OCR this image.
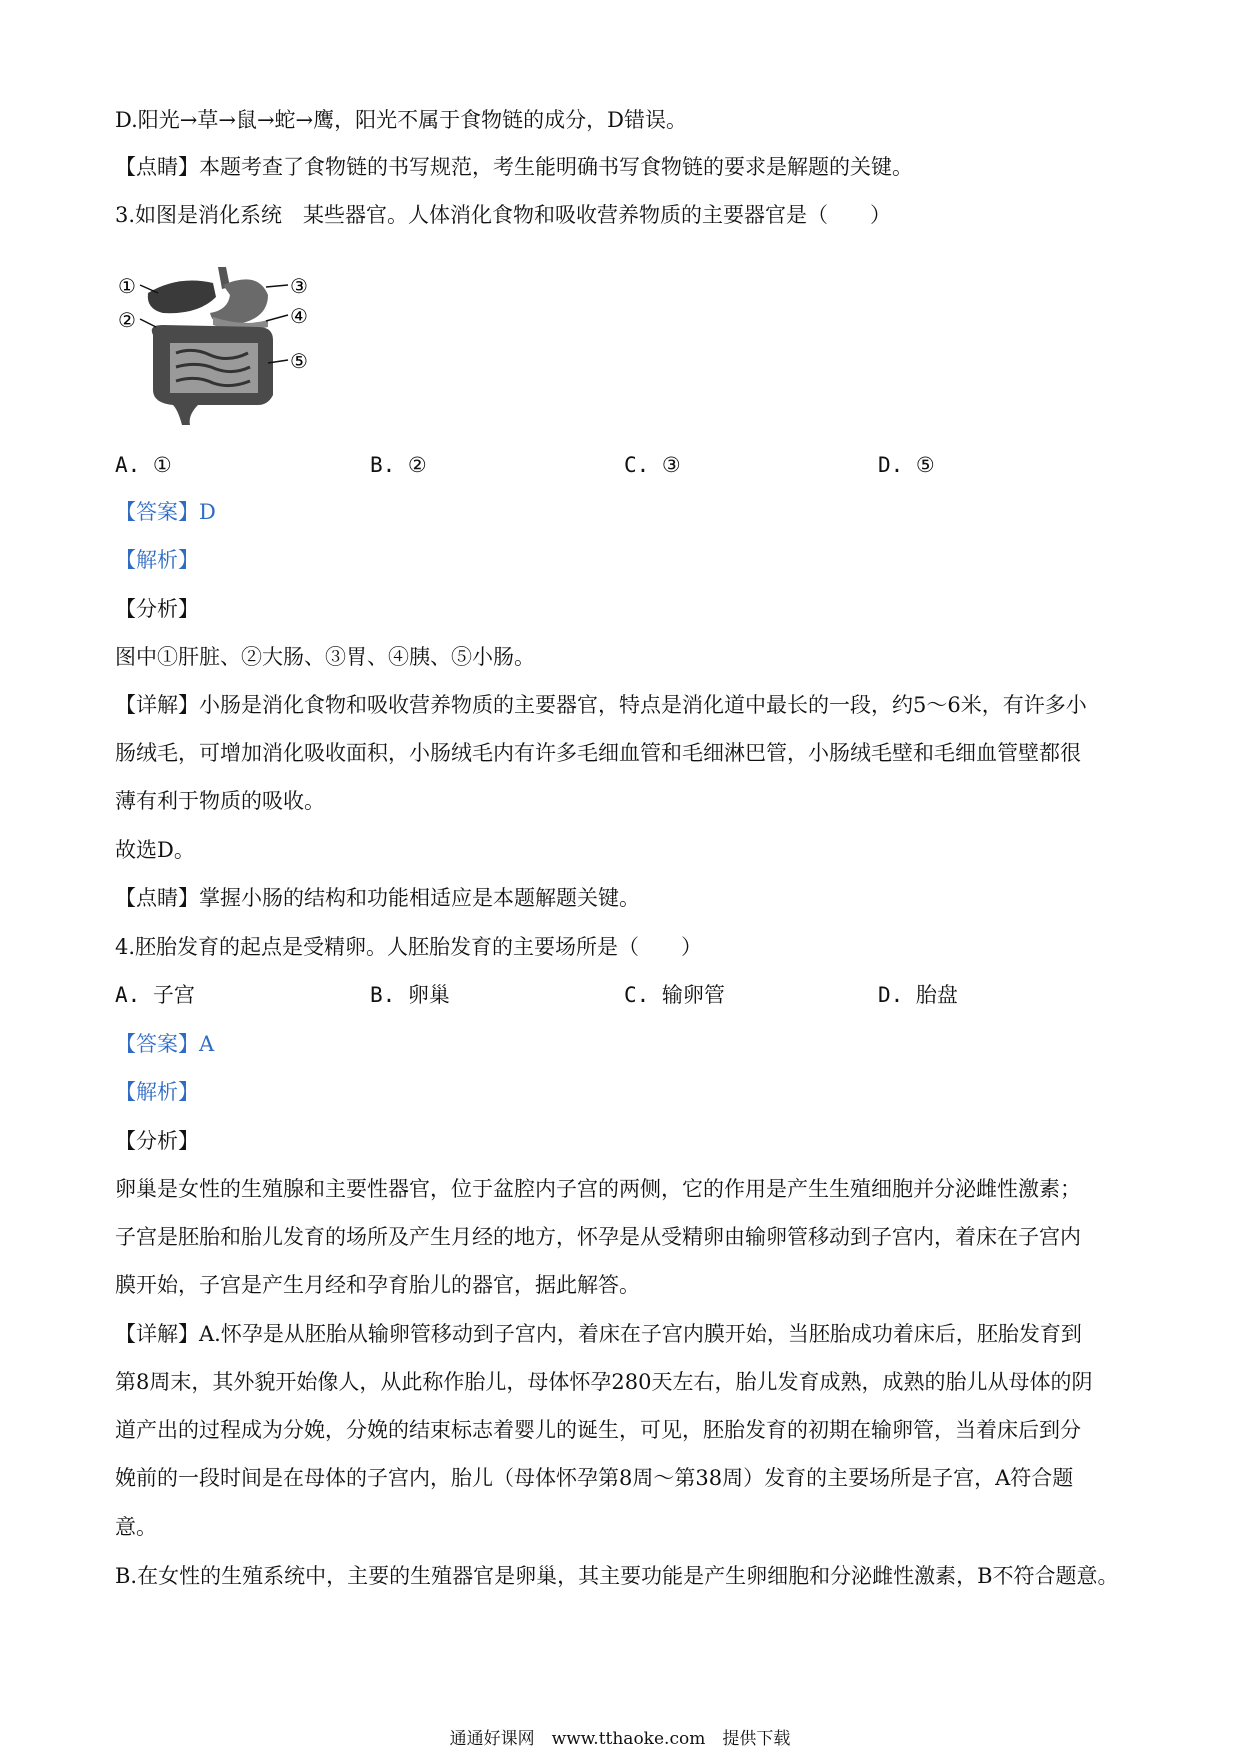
D.阳光→草→鼠→蛇→鹰，阳光不属于食物链的成分，D错误。
【点睛】本题考查了食物链的书写规范，考生能明确书写食物链的要求是解题的关键。
3.如图是消化系统　某些器官。人体消化食物和吸收营养物质的主要器官是（　　）
①
②
③
④
⑤
A. ①	B. ②	C. ③	D. ⑤
【答案】D
【解析】
【分析】
图中①肝脏、②大肠、③胃、④胰、⑤小肠。
【详解】小肠是消化食物和吸收营养物质的主要器官，特点是消化道中最长的一段，约5～6米，有许多小
肠绒毛，可增加消化吸收面积，小肠绒毛内有许多毛细血管和毛细淋巴管，小肠绒毛壁和毛细血管壁都很
薄有利于物质的吸收。
故选D。
【点睛】掌握小肠的结构和功能相适应是本题解题关键。
4.胚胎发育的起点是受精卵。人胚胎发育的主要场所是（　　）
A. 子宫	B. 卵巢	C. 输卵管	D. 胎盘
【答案】A
【解析】
【分析】
卵巢是女性的生殖腺和主要性器官，位于盆腔内子宫的两侧，它的作用是产生生殖细胞并分泌雌性激素；
子宫是胚胎和胎儿发育的场所及产生月经的地方，怀孕是从受精卵由输卵管移动到子宫内，着床在子宫内
膜开始，子宫是产生月经和孕育胎儿的器官，据此解答。
【详解】A.怀孕是从胚胎从输卵管移动到子宫内，着床在子宫内膜开始，当胚胎成功着床后，胚胎发育到
第8周末，其外貌开始像人，从此称作胎儿，母体怀孕280天左右，胎儿发育成熟，成熟的胎儿从母体的阴
道产出的过程成为分娩，分娩的结束标志着婴儿的诞生，可见，胚胎发育的初期在输卵管，当着床后到分
娩前的一段时间是在母体的子宫内，胎儿（母体怀孕第8周～第38周）发育的主要场所是子宫，A符合题
意。
B.在女性的生殖系统中，主要的生殖器官是卵巢，其主要功能是产生卵细胞和分泌雌性激素，B不符合题意。
通通好课网　www.tthaoke.com　提供下载
